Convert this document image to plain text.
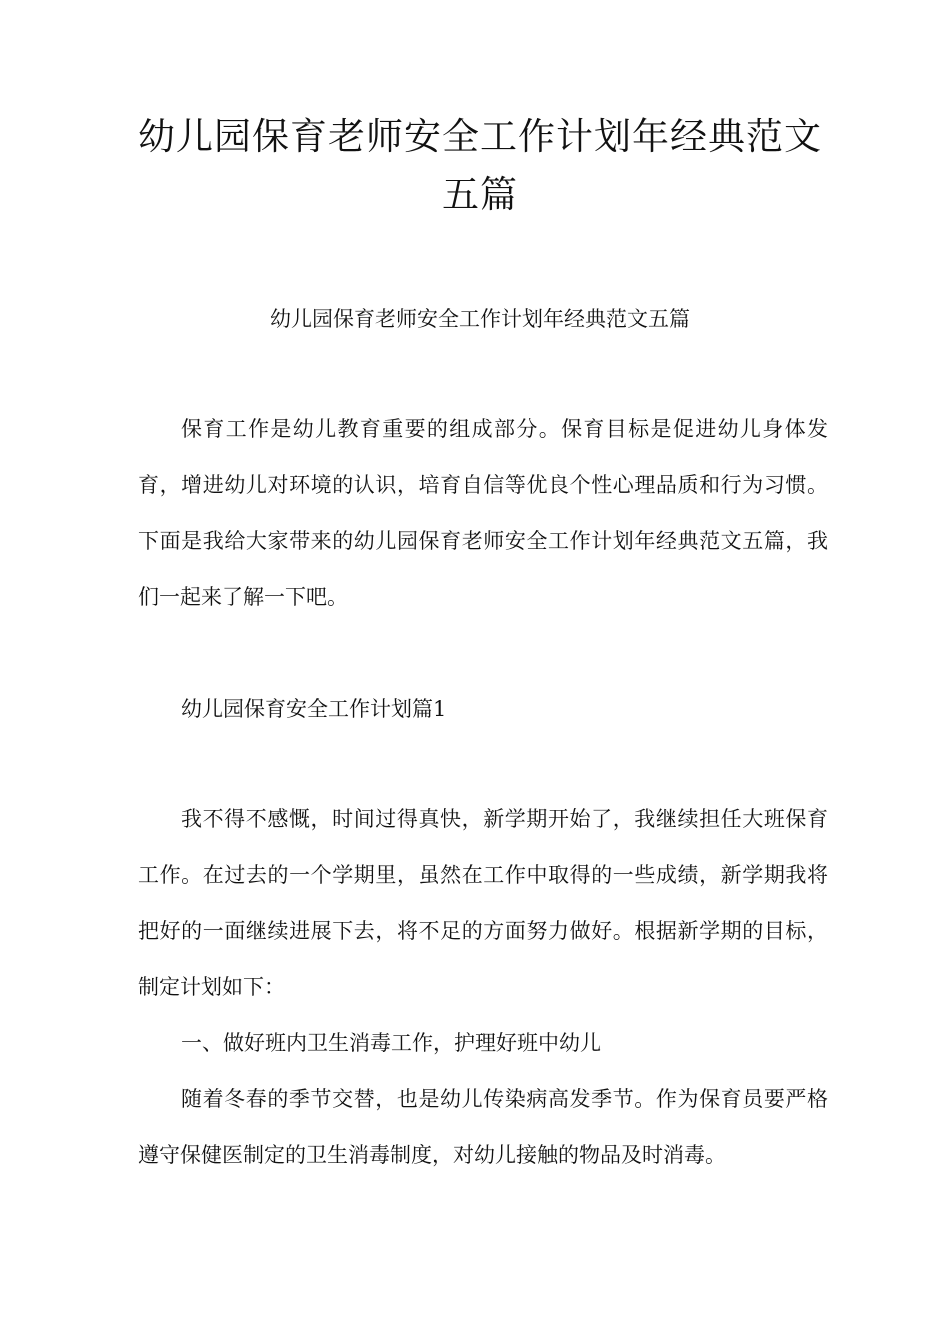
幼儿园保育老师安全工作计划年经典范文五篇

幼儿园保育老师安全工作计划年经典范文五篇

保育工作是幼儿教育重要的组成部分。保育目标是促进幼儿身体发育，增进幼儿对环境的认识，培育自信等优良个性心理品质和行为习惯。下面是我给大家带来的幼儿园保育老师安全工作计划年经典范文五篇，我们一起来了解一下吧。

幼儿园保育安全工作计划篇1

我不得不感慨，时间过得真快，新学期开始了，我继续担任大班保育工作。在过去的一个学期里，虽然在工作中取得的一些成绩，新学期我将把好的一面继续进展下去，将不足的方面努力做好。根据新学期的目标，制定计划如下：

一、做好班内卫生消毒工作，护理好班中幼儿

随着冬春的季节交替，也是幼儿传染病高发季节。作为保育员要严格遵守保健医制定的卫生消毒制度，对幼儿接触的物品及时消毒。
